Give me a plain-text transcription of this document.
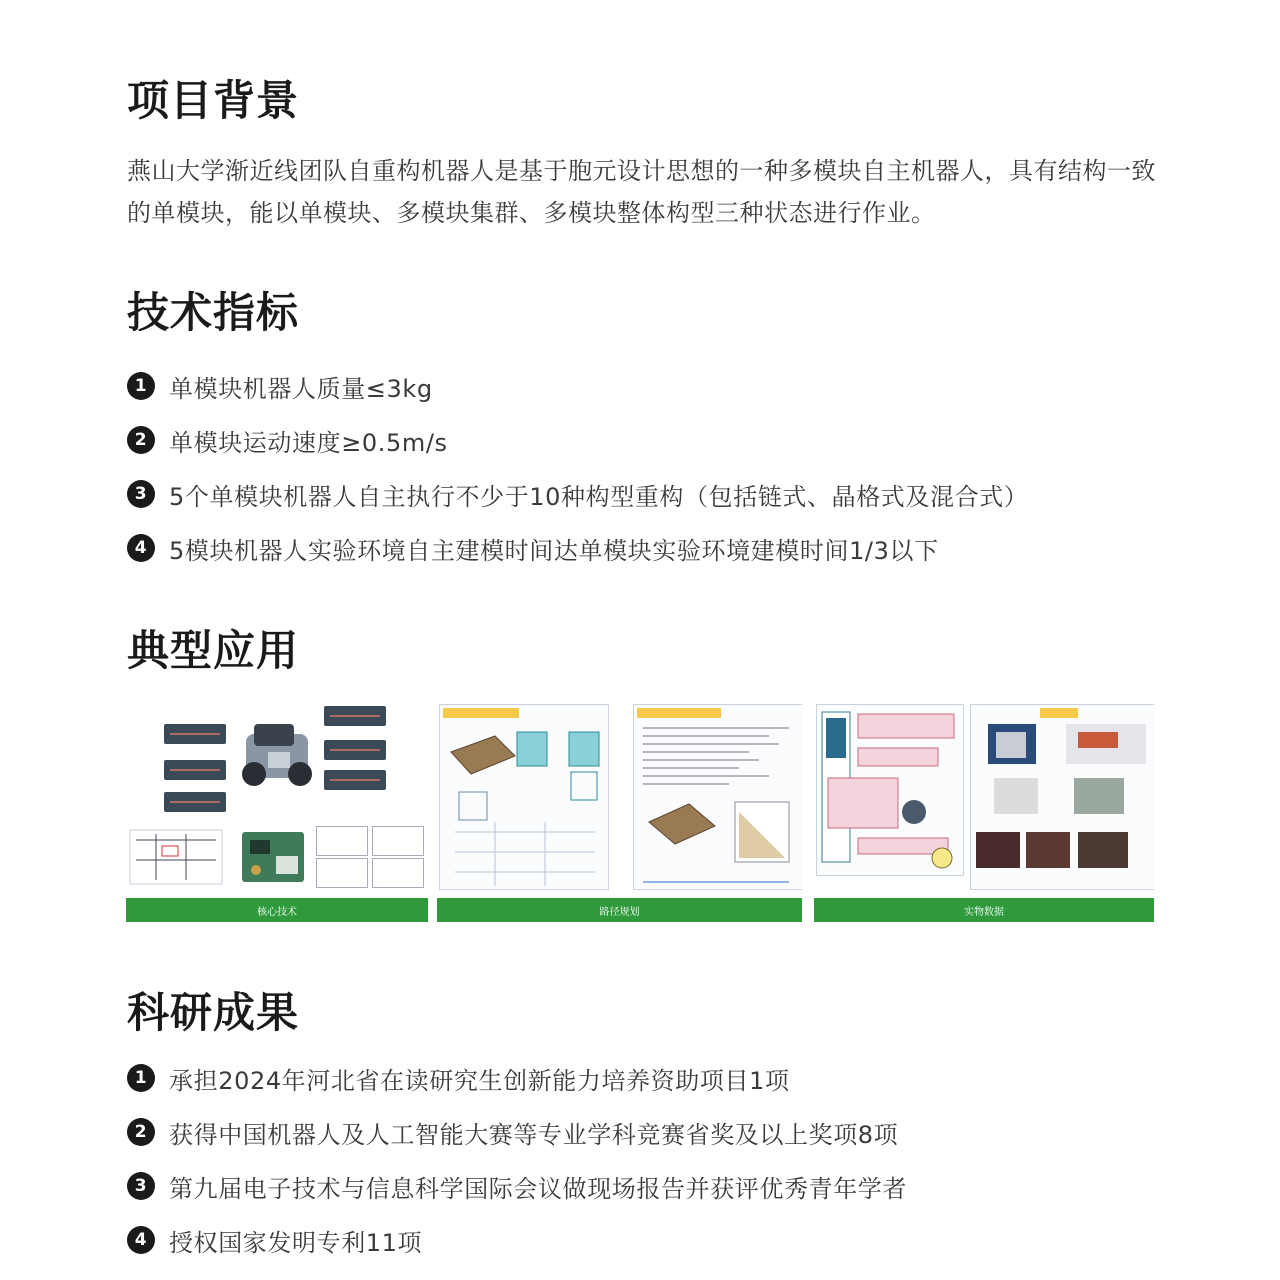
项目背景

燕山大学渐近线团队自重构机器人是基于胞元设计思想的一种多模块自主机器人，具有结构一致的单模块，能以单模块、多模块集群、多模块整体构型三种状态进行作业。

技术指标
1 单模块机器人质量≤3kg
2 单模块运动速度≥0.5m/s
3 5个单模块机器人自主执行不少于10种构型重构（包括链式、晶格式及混合式）
4 5模块机器人实验环境自主建模时间达单模块实验环境建模时间1/3以下
典型应用
核心技术	路径规划	实物数据
科研成果
1 承担2024年河北省在读研究生创新能力培养资助项目1项
2 获得中国机器人及人工智能大赛等专业学科竞赛省奖及以上奖项8项
3 第九届电子技术与信息科学国际会议做现场报告并获评优秀青年学者
4 授权国家发明专利11项
